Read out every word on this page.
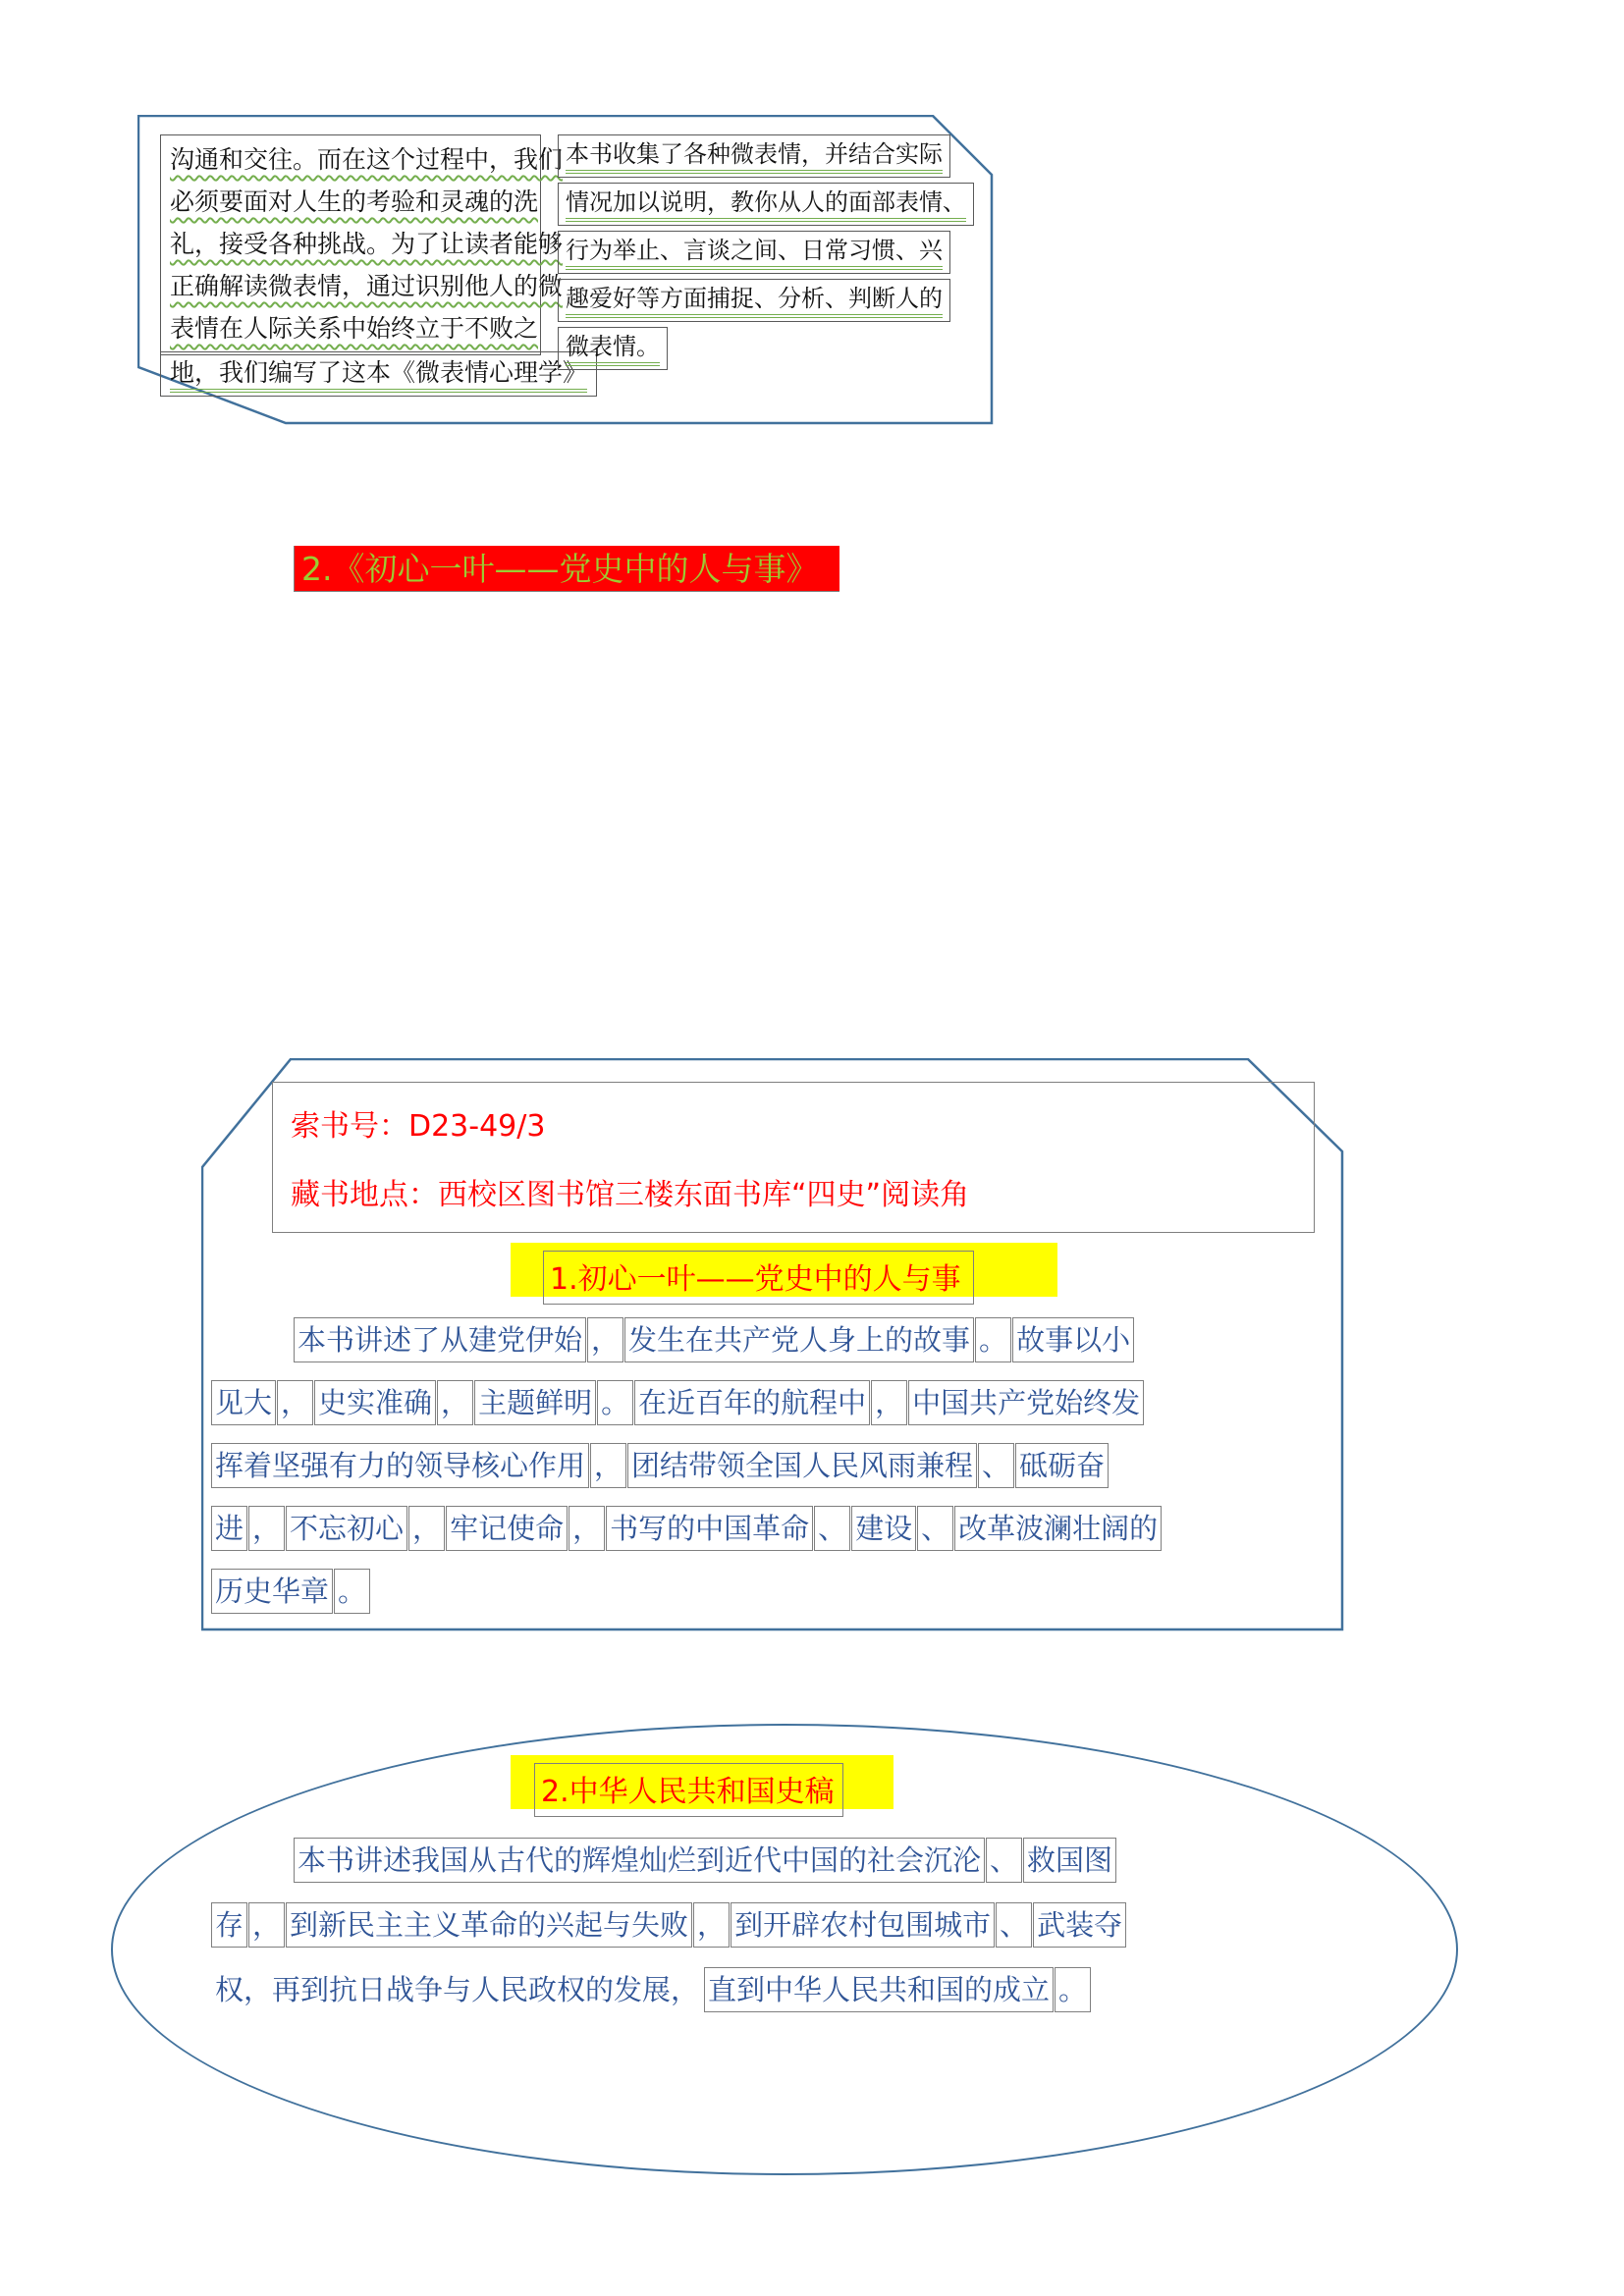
沟通和交往。而在这个过程中，我们
必须要面对人生的考验和灵魂的洗
礼，接受各种挑战。为了让读者能够
正确解读微表情，通过识别他人的微
表情在人际关系中始终立于不败之
地，我们编写了这本《微表情心理学》
本书收集了各种微表情，并结合实际
情况加以说明，教你从人的面部表情、
行为举止、言谈之间、日常习惯、兴
趣爱好等方面捕捉、分析、判断人的
微表情。
2.《初心一叶——党史中的人与事》
索书号：D23-49/3
藏书地点：西校区图书馆三楼东面书库“四史”阅读角
1.初心一叶——党史中的人与事
本书讲述了从建党伊始 ， 发生在共产党人身上的故事 。 故事以小
见大 ， 史实准确 ， 主题鲜明 。 在近百年的航程中 ， 中国共产党始终发
挥着坚强有力的领导核心作用 ， 团结带领全国人民风雨兼程 、 砥砺奋
进 ， 不忘初心 ， 牢记使命 ， 书写的中国革命 、 建设 、 改革波澜壮阔的
历史华章 。
2.中华人民共和国史稿
本书讲述我国从古代的辉煌灿烂到近代中国的社会沉沦 、 救国图
存 ， 到新民主主义革命的兴起与失败 ， 到开辟农村包围城市 、 武装夺
权，再到抗日战争与人民政权的发展， 直到中华人民共和国的成立 。
